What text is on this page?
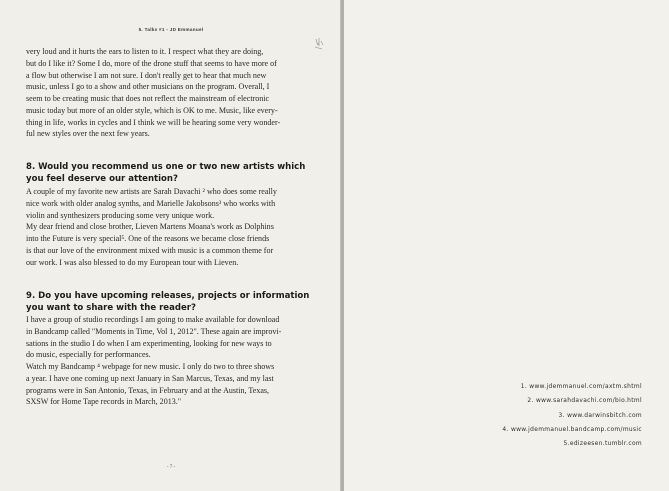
5. Talks #1 - JD Emmanuel
very loud and it hurts the ears to listen to it. I respect what they are doing,
but do I like it? Some I do, more of the drone stuff that seems to have more of
a flow but otherwise I am not sure. I don't really get to hear that much new
music, unless I go to a show and other musicians on the program. Overall, I
seem to be creating music that does not reflect the mainstream of electronic
music today but more of an older style, which is OK to me. Music, like every-
thing in life, works in cycles and I think we will be hearing some very wonder-
ful new styles over the next few years.
8. Would you recommend us one or two new artists which
you feel deserve our attention?
A couple of my favorite new artists are Sarah Davachi ² who does some really
nice work with older analog synths, and Marielle Jakobsons³ who works with
violin and synthesizers producing some very unique work.
My dear friend and close brother, Lieven Martens Moana's work as Dolphins
into the Future is very special⁵. One of the reasons we became close friends
is that our love of the environment mixed with music is a common theme for
our work. I was also blessed to do my European tour with Lieven.
9. Do you have upcoming releases, projects or information
you want to share with the reader?
I have a group of studio recordings I am going to make available for download
in Bandcamp called "Moments in Time, Vol 1, 2012". These again are improvi-
sations in the studio I do when I am experimenting, looking for new ways to
do music, especially for performances.
Watch my Bandcamp ⁴ webpage for new music. I only do two to three shows
a year. I have one coming up next January in San Marcus, Texas, and my last
programs were in San Antonio, Texas, in February and at the Austin, Texas,
SXSW for Home Tape records in March, 2013."
- 7 -
1. www.jdemmanuel.com/axtm.shtml
2. www.sarahdavachi.com/bio.html
3. www.darwinsbitch.com
4. www.jdemmanuel.bandcamp.com/music
5.edizeesen.tumblr.com
